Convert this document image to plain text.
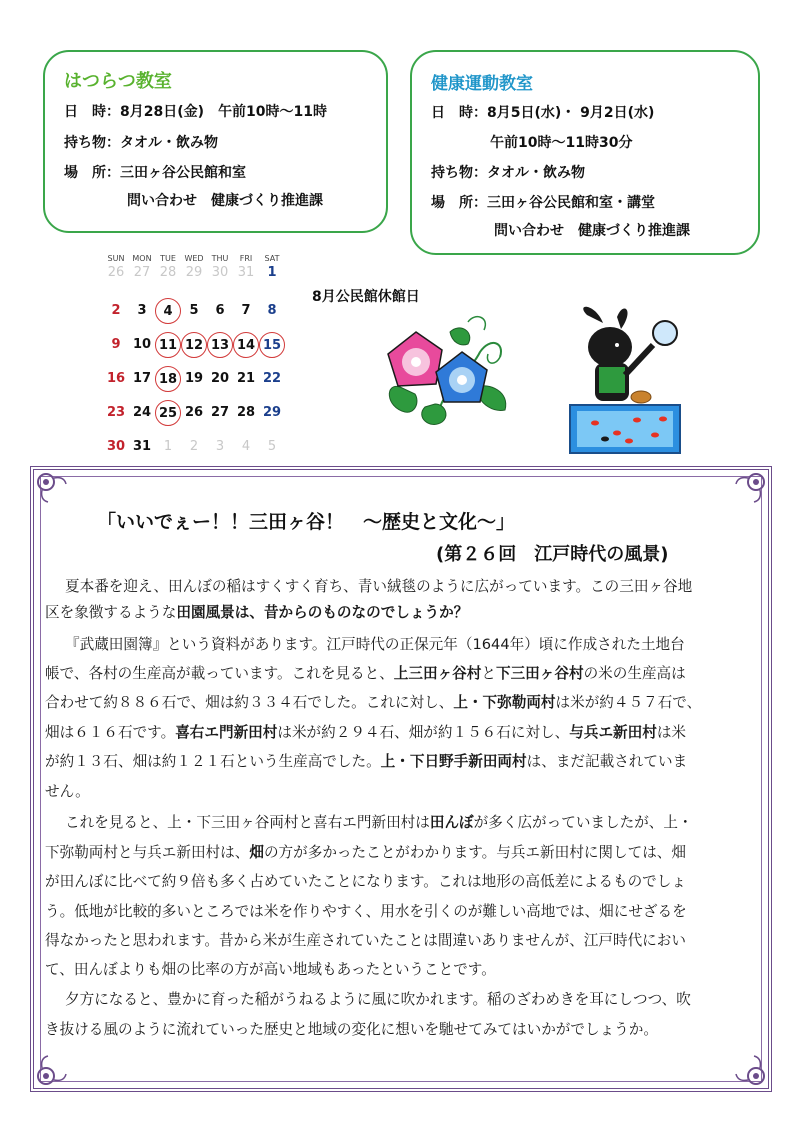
はつらつ教室
日　時：8月28日(金)　午前10時～11時
持ち物：タオル・飲み物
場　所：三田ヶ谷公民館和室
問い合わせ　健康づくり推進課
健康運動教室
日　時：8月5日(水)・ 9月2日(水)
午前10時～11時30分
持ち物：タオル・飲み物
場　所：三田ヶ谷公民館和室・講堂
問い合わせ　健康づくり推進課
SUN MON	TUE	WED	THU	FRI	SAT
26 27 28 29 30 31	1
2	3	4	5	6	7	8
9 10 11 12 13 14 15
16 17 18 19 20 21 22
23 24 25 26 27 28 29
30 31 1	2	3	4	5
8月公民館休館日
「いいでぇー！！三田ヶ谷！　～歴史と文化～」
(第２６回　江戸時代の風景)
夏本番を迎え、田んぼの稲はすくすく育ち、青い絨毯のように広がっています。この三田ヶ谷地
区を象徴するような田園風景は、昔からのものなのでしょうか？
『武蔵田園簿』という資料があります。江戸時代の正保元年（1644年）頃に作成された土地台
帳で、各村の生産高が載っています。これを見ると、上三田ヶ谷村と下三田ヶ谷村の米の生産高は
合わせて約８８６石で、畑は約３３４石でした。これに対し、上・下弥勒両村は米が約４５７石で、
畑は６１６石です。喜右エ門新田村は米が約２９４石、畑が約１５６石に対し、与兵エ新田村は米
が約１３石、畑は約１２１石という生産高でした。上・下日野手新田両村は、まだ記載されていま
せん。
これを見ると、上・下三田ヶ谷両村と喜右エ門新田村は田んぼが多く広がっていましたが、上・
下弥勒両村と与兵エ新田村は、畑の方が多かったことがわかります。与兵エ新田村に関しては、畑
が田んぼに比べて約９倍も多く占めていたことになります。これは地形の高低差によるものでしょ
う。低地が比較的多いところでは米を作りやすく、用水を引くのが難しい高地では、畑にせざるを
得なかったと思われます。昔から米が生産されていたことは間違いありませんが、江戸時代におい
て、田んぼよりも畑の比率の方が高い地域もあったということです。
夕方になると、豊かに育った稲がうねるように風に吹かれます。稲のざわめきを耳にしつつ、吹
き抜ける風のように流れていった歴史と地域の変化に想いを馳せてみてはいかがでしょうか。
